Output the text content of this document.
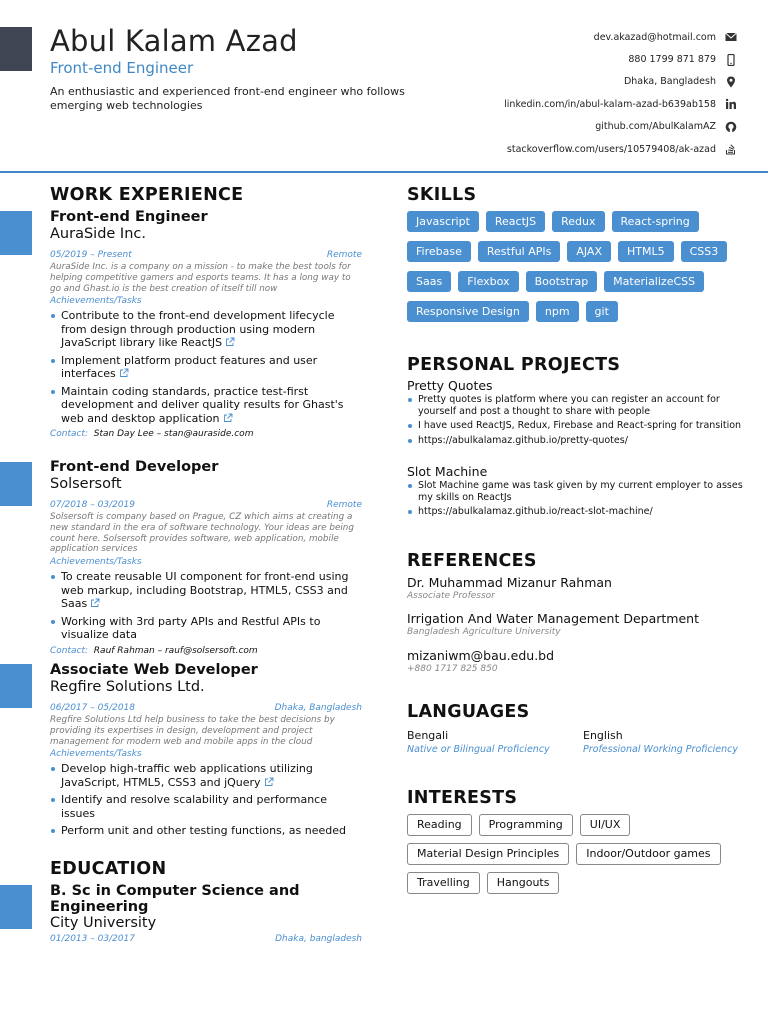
Abul Kalam Azad
Front-end Engineer
An enthusiastic and experienced front-end engineer who follows emerging web technologies
dev.akazad@hotmail.com
880 1799 871 879
Dhaka, Bangladesh
linkedin.com/in/abul-kalam-azad-b639ab158
github.com/AbulKalamAZ
stackoverflow.com/users/10579408/ak-azad
WORK EXPERIENCE
Front-end Engineer
AuraSide Inc.
05/2019 – Present	Remote
AuraSide Inc. is a company on a mission - to make the best tools for helping competitive gamers and esports teams. It has a long way to go and Ghast.io is the best creation of itself till now
Achievements/Tasks
Contribute to the front-end development lifecycle from design through production using modern JavaScript library like ReactJS
Implement platform product features and user interfaces
Maintain coding standards, practice test-first development and deliver quality results for Ghast's web and desktop application
Contact: Stan Day Lee – stan@auraside.com
Front-end Developer
Solsersoft
07/2018 – 03/2019	Remote
Solsersoft is company based on Prague, CZ which aims at creating a new standard in the era of software technology. Your ideas are being count here. Solsersoft provides software, web application, mobile application services
Achievements/Tasks
To create reusable UI component for front-end using web markup, including Bootstrap, HTML5, CSS3 and Saas
Working with 3rd party APIs and Restful APIs to visualize data
Contact: Rauf Rahman – rauf@solsersoft.com
Associate Web Developer
Regfire Solutions Ltd.
06/2017 – 05/2018	Dhaka, Bangladesh
Regfire Solutions Ltd help business to take the best decisions by providing its expertises in design, development and project management for modern web and mobile apps in the cloud
Achievements/Tasks
Develop high-traffic web applications utilizing JavaScript, HTML5, CSS3 and jQuery
Identify and resolve scalability and performance issues
Perform unit and other testing functions, as needed
EDUCATION
B. Sc in Computer Science and Engineering
City University
01/2013 – 03/2017	Dhaka, bangladesh
SKILLS
Javascript	ReactJS	Redux	React-spring
Firebase	Restful APIs	AJAX	HTML5	CSS3
Saas	Flexbox	Bootstrap	MaterializeCSS
Responsive Design	npm	git
PERSONAL PROJECTS
Pretty Quotes
Pretty quotes is platform where you can register an account for yourself and post a thought to share with people
I have used ReactJS, Redux, Firebase and React-spring for transition
https://abulkalamaz.github.io/pretty-quotes/
Slot Machine
Slot Machine game was task given by my current employer to asses my skills on ReactJs
https://abulkalamaz.github.io/react-slot-machine/
REFERENCES
Dr. Muhammad Mizanur Rahman
Associate Professor
Irrigation And Water Management Department
Bangladesh Agriculture University
mizaniwm@bau.edu.bd
+880 1717 825 850
LANGUAGES
Bengali
Native or Bilingual Proficiency
English
Professional Working Proficiency
INTERESTS
Reading	Programming	UI/UX
Material Design Principles	Indoor/Outdoor games
Travelling	Hangouts
